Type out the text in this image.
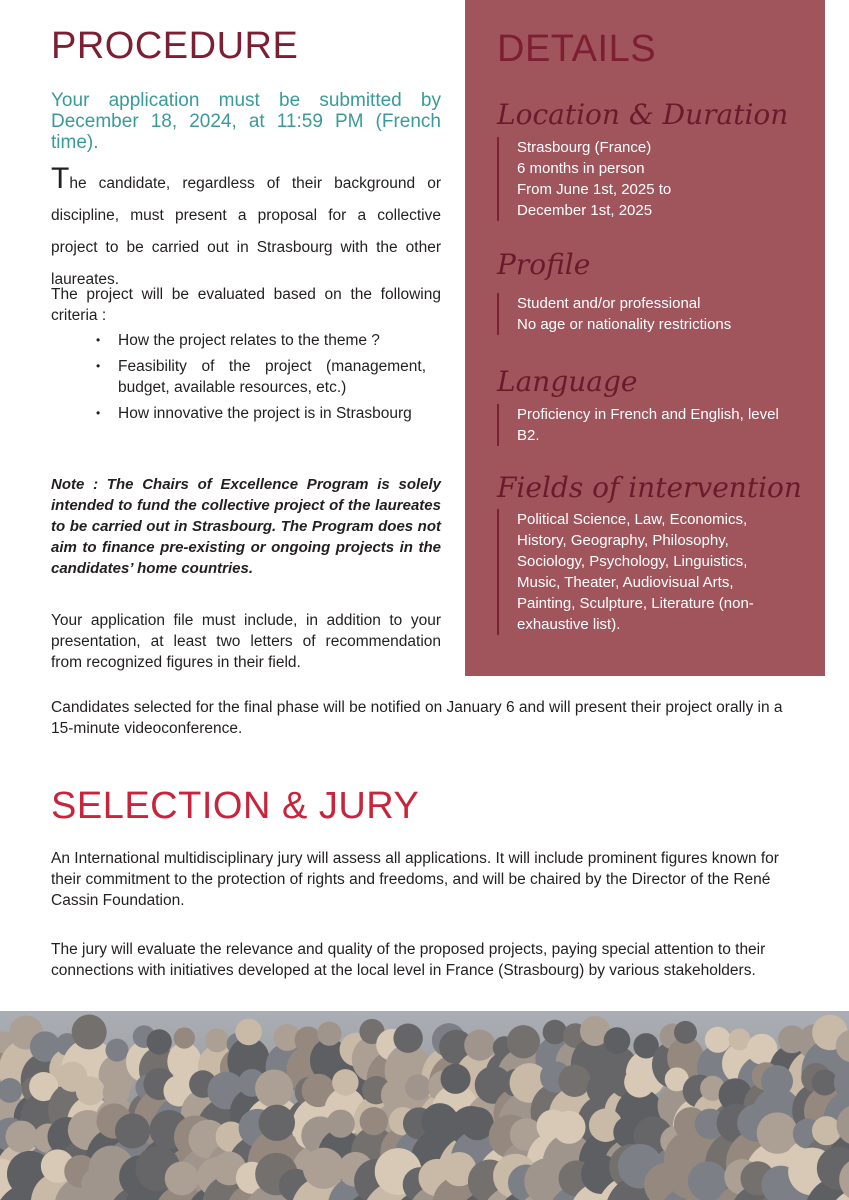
PROCEDURE
Your application must be submitted by December 18, 2024, at 11:59 PM (French time).

The candidate, regardless of their background or discipline, must present a proposal for a collective project to be carried out in Strasbourg with the other laureates.

The project will be evaluated based on the following criteria :
• How the project relates to the theme ?
• Feasibility of the project (management, budget, available resources, etc.)
• How innovative the project is in Strasbourg
Note : The Chairs of Excellence Program is solely intended to fund the collective project of the laureates to be carried out in Strasbourg. The Program does not aim to finance pre-existing or ongoing projects in the candidates’ home countries.
Your application file must include, in addition to your presentation, at least two letters of recommendation from recognized figures in their field.
Candidates selected for the final phase will be notified on January 6 and will present their project orally in a 15-minute videoconference.
DETAILS
Location & Duration
Strasbourg (France)
6 months in person
From June 1st, 2025 to
December 1st, 2025
Profile
Student and/or professional
No age or nationality restrictions
Language
Proficiency in French and English, level B2.
Fields of intervention
Political Science, Law, Economics, History, Geography, Philosophy, Sociology, Psychology, Linguistics, Music, Theater, Audiovisual Arts, Painting, Sculpture, Literature (non-exhaustive list).
SELECTION & JURY
An International multidisciplinary jury will assess all applications. It will include prominent figures known for their commitment to the protection of rights and freedoms, and will be chaired by the Director of the René Cassin Foundation.
The jury will evaluate the relevance and quality of the proposed projects, paying special attention to their connections with initiatives developed at the local level in France (Strasbourg) by various stakeholders.
